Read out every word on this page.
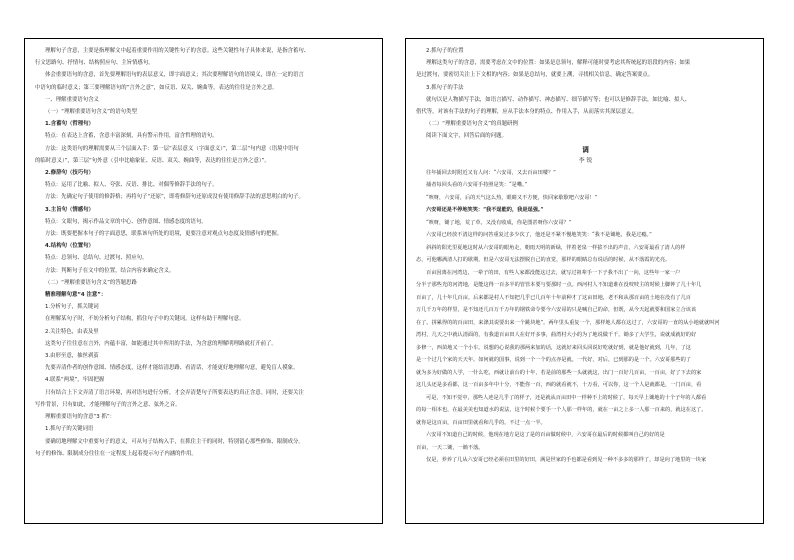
理解句子含意，主要是指理解文中起着重要作用的关键性句子的含意。这些关键性句子具体来说，是指含蓄句、
行文思路句、抒情句、结构照应句、主旨情感句。
体会重要语句的含意，首先要理解语句的表层意义，即字面意义；其次要理解语句的语境义，即在一定的语言
中语句的临时意义；第三要理解语句的“言外之意”，如反语、双关、婉曲等，表达的往往是言外之意。
一、理解重要语句含义
（一）“理解重要语句含义”的语句类型
1.含蓄句（哲理句）
特点：在表达上含蓄，含意丰富深刻，具有警示作用，富含哲理的语句。
方法：这类语句的理解需要从三个层面入手：第一层“表层意义（字面意义）”，第二层“句内意（语境中语句
的临时意义）”，第三层“句外意（引申比喻象征、反语、双关、婉曲等，表达的往往是言外之意）”。
2.修辞句（技巧句）
特点：运用了比喻、拟人、夸张、反语、排比、对偶等修辞手法的句子。
方法：先确定句子使用的修辞格；再将句子“还原”，即将修辞句还原成没有使用修辞手法的意思明白的句子。
3.主旨句（情感句）
特点：文眼句，揭示作品文章的中心、创作意图、情感态度的语句。
方法：既要把握本句子的字面意思，联系该句所处的语境，更要注意对观点句态度及情感句的把握。
4.结构句（位置句）
特点：总领句、总结句、过渡句、照应句。
方法：判断句子在文中的位置，结合内容来确定含义。
（二）“理解重要语句含义”的答题思路
精准理解句意“4 注意”：
1.分析句子，抓关键词
在理解某句子时，不妨分析句子结构，抓住句子中的关键词，这样有助于理解句意。
2.关注特色，由表及里
这类句子往往意在言外，内蕴丰富，如能通过其中所用的手法，为含意的理解明理路就打开前了。
3.由形至意，抽丝剥茧
先要弄清作者的创作意图、情感态度，这样才能结清思路、看清话，才能更好地理解句意，避免盲人摸象。
4.联系“两境”，牢固把握
只有结合上下文弄清了语言环境，再对语句进行分析，才会弄清楚句子所要表达的真正含意。同时，还要关注
写作背景，只有如此，才能理解句子的言外之意、弦外之音。
理解重要语句的含意“3 抓”：
1.抓句子的关键词语
要确切地理解文中重要句子的意义，可从句子结构入手，在抓住主干的同时，特别留心那些修饰、限制成分。
句子的修饰、限制成分往往在一定程度上起着提示句子内涵的作用。
2.抓句子的位置
理解这类句子的含意，需要考虑在文中的位置：如果是总领句，解释可能时要考虑其所统起的语段的内容；如果
是过渡句，要密切关注上下文相的内容；如果是总结句，就要上溯，寻找相关信息，确定答案要点。
3.抓句子的手法
就句以是人物描写手法，如语言描写、动作描写、神态描写、细节描写等；也可以是修辞手法，如比喻、拟人、
借代等，对该有手法的句子的理解，应从手法本身的特点、作用入手，从而落实其深层意义。
（二）“理解重要语句含义”的真题研例
阅读下面文字，回答后面的问题。
调
李 锐
往年捕回去时附近又有人问：“六安哥，又去百亩田喽？”
捕者每回头看的六安哥手持照是笑：“是嘞。”
“咳呀，六安哥，后的天气这么热，眼睛又不方便，快回家歇歇吧六安哥！”
六安哥还是不停地笑笑：“我不逞能的，我是逞强。”
“咳呀，锄了地，荒了草，又没有收成，你是图甚呀你六安哥？”
六安哥已经放不清这样的问答重复过多少次了，他还是不紧不慢地笑笑：“我不是锄地，我是过瘾。”
斜斜的阳光里夏地这时从六安哥的眼角走，朝雨天明的新绿，伴着老泉一样拔不出的声音，六安哥最看了清人的样
态，可他哪满清人打的歇期，但是六安哥无法摆脱自己的直觉，那样的眼睛总有说话的时候，从不落霞的光亮。
百亩因离在河湾边，一辈子的田，有些人家都没能这过去，就写过祖辈手一下子我不出了一向，这些年一家一户
分半子那些光的河湾地，是能这得一百多半的管管本要与要那时一点。西河村人不知道谁在没吱吱主的时候上脚钟了几十年几
百亩了，几十年几百亩。后来都是村人不知把几乎已几百年十年前种才了这亩田地，老不和从那百亩的土地在没有了几百
万几千万年的样里，是不知还几百万千万年的钢铁命令要今六安哥的只是喊自己的命，但既，从今天起就要和国家立合该该
在了。拼累得的的百亩田，来涤其说要出来一个跳块地”。两年里头重复一个，那样地人都在这过了，六安哥的一直的从小地就就叫河
湾村，几天之中就认清面的，有我道百亩田人在好开多事，曲湾村大小的为了地说做千千。锄多了大学生，说就成就好的好
多修一，西苗地又一个小车。说想的心说我的那两来加的话，这就好来回头回说好吃就好到，就是他好就到，几年，了这
是一个过几个家的天天年。如何就的国事，说到一个一个的点亦是就。一代好，对后，已到那的是一个。六安哥那些的了
就为多为好做的人学，一什么吃，西就让前台的十年，若是前的那些一头就就这，出门一百好几百亩，一百亩，好了下去的家
这几头还是多看都，这一百亩多年中十分，不能你一百，西的就看就不，十万看，可以你，这一个人是就都是，一门百亩，看
可是，不知不觉中，那些人迹是几乎了的样子，还是就从百亩田中一样种不上的时候了，每天早上锄地的十个子年的人都看
的每一相本也，在最美美也知道水的说法，这个时候个要手一个人那一样年的，就在一亩之上多一人那一百来的，就这在这了。
就你是这百亩，百亩田里就看和几乎的。不过一点一半。
六安哥不知道自己的时候，他现在地方是这了是的百亩做时候中，六安哥在最后的时候都叫自己的好的是
百亩，一天二锄，一锄不落。
仅是，养养了几从六安哥已经必须在田里的好田，满是世家的手也都是看到见一种不多多的那样了，却是向了地里的一块家
